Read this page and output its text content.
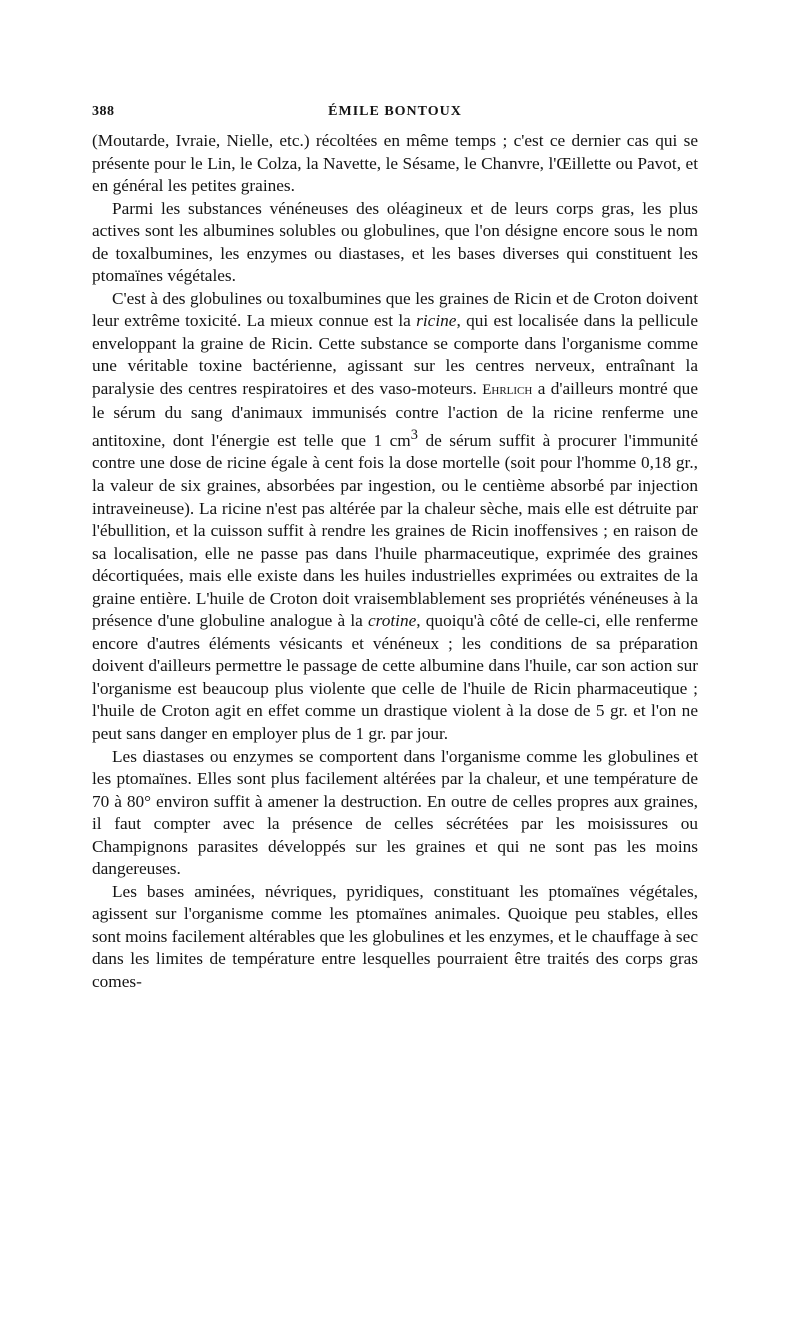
388	ÉMILE BONTOUX

(Moutarde, Ivraie, Nielle, etc.) récoltées en même temps ; c'est ce dernier cas qui se présente pour le Lin, le Colza, la Navette, le Sésame, le Chanvre, l'Œillette ou Pavot, et en général les petites graines.

Parmi les substances vénéneuses des oléagineux et de leurs corps gras, les plus actives sont les albumines solubles ou globulines, que l'on désigne encore sous le nom de toxalbumines, les enzymes ou diastases, et les bases diverses qui constituent les ptomaïnes végétales.

C'est à des globulines ou toxalbumines que les graines de Ricin et de Croton doivent leur extrême toxicité. La mieux connue est la ricine, qui est localisée dans la pellicule enveloppant la graine de Ricin. Cette substance se comporte dans l'organisme comme une véritable toxine bactérienne, agissant sur les centres nerveux, entraînant la paralysie des centres respiratoires et des vaso-moteurs. Ehrlich a d'ailleurs montré que le sérum du sang d'animaux immunisés contre l'action de la ricine renferme une antitoxine, dont l'énergie est telle que 1 $cm^3$ de sérum suffit à procurer l'immunité contre une dose de ricine égale à cent fois la dose mortelle (soit pour l'homme 0,18 gr., la valeur de six graines, absorbées par ingestion, ou le centième absorbé par injection intraveineuse). La ricine n'est pas altérée par la chaleur sèche, mais elle est détruite par l'ébullition, et la cuisson suffit à rendre les graines de Ricin inoffensives ; en raison de sa localisation, elle ne passe pas dans l'huile pharmaceutique, exprimée des graines décortiquées, mais elle existe dans les huiles industrielles exprimées ou extraites de la graine entière. L'huile de Croton doit vraisemblablement ses propriétés vénéneuses à la présence d'une globuline analogue à la crotine, quoiqu'à côté de celle-ci, elle renferme encore d'autres éléments vésicants et vénéneux ; les conditions de sa préparation doivent d'ailleurs permettre le passage de cette albumine dans l'huile, car son action sur l'organisme est beaucoup plus violente que celle de l'huile de Ricin pharmaceutique ; l'huile de Croton agit en effet comme un drastique violent à la dose de 5 gr. et l'on ne peut sans danger en employer plus de 1 gr. par jour.

Les diastases ou enzymes se comportent dans l'organisme comme les globulines et les ptomaïnes. Elles sont plus facilement altérées par la chaleur, et une température de 70 à 80° environ suffit à amener la destruction. En outre de celles propres aux graines, il faut compter avec la présence de celles sécrétées par les moisissures ou Champignons parasites développés sur les graines et qui ne sont pas les moins dangereuses.

Les bases aminées, névriques, pyridiques, constituant les ptomaïnes végétales, agissent sur l'organisme comme les ptomaïnes animales. Quoique peu stables, elles sont moins facilement altérables que les globulines et les enzymes, et le chauffage à sec dans les limites de température entre lesquelles pourraient être traités des corps gras comes-
